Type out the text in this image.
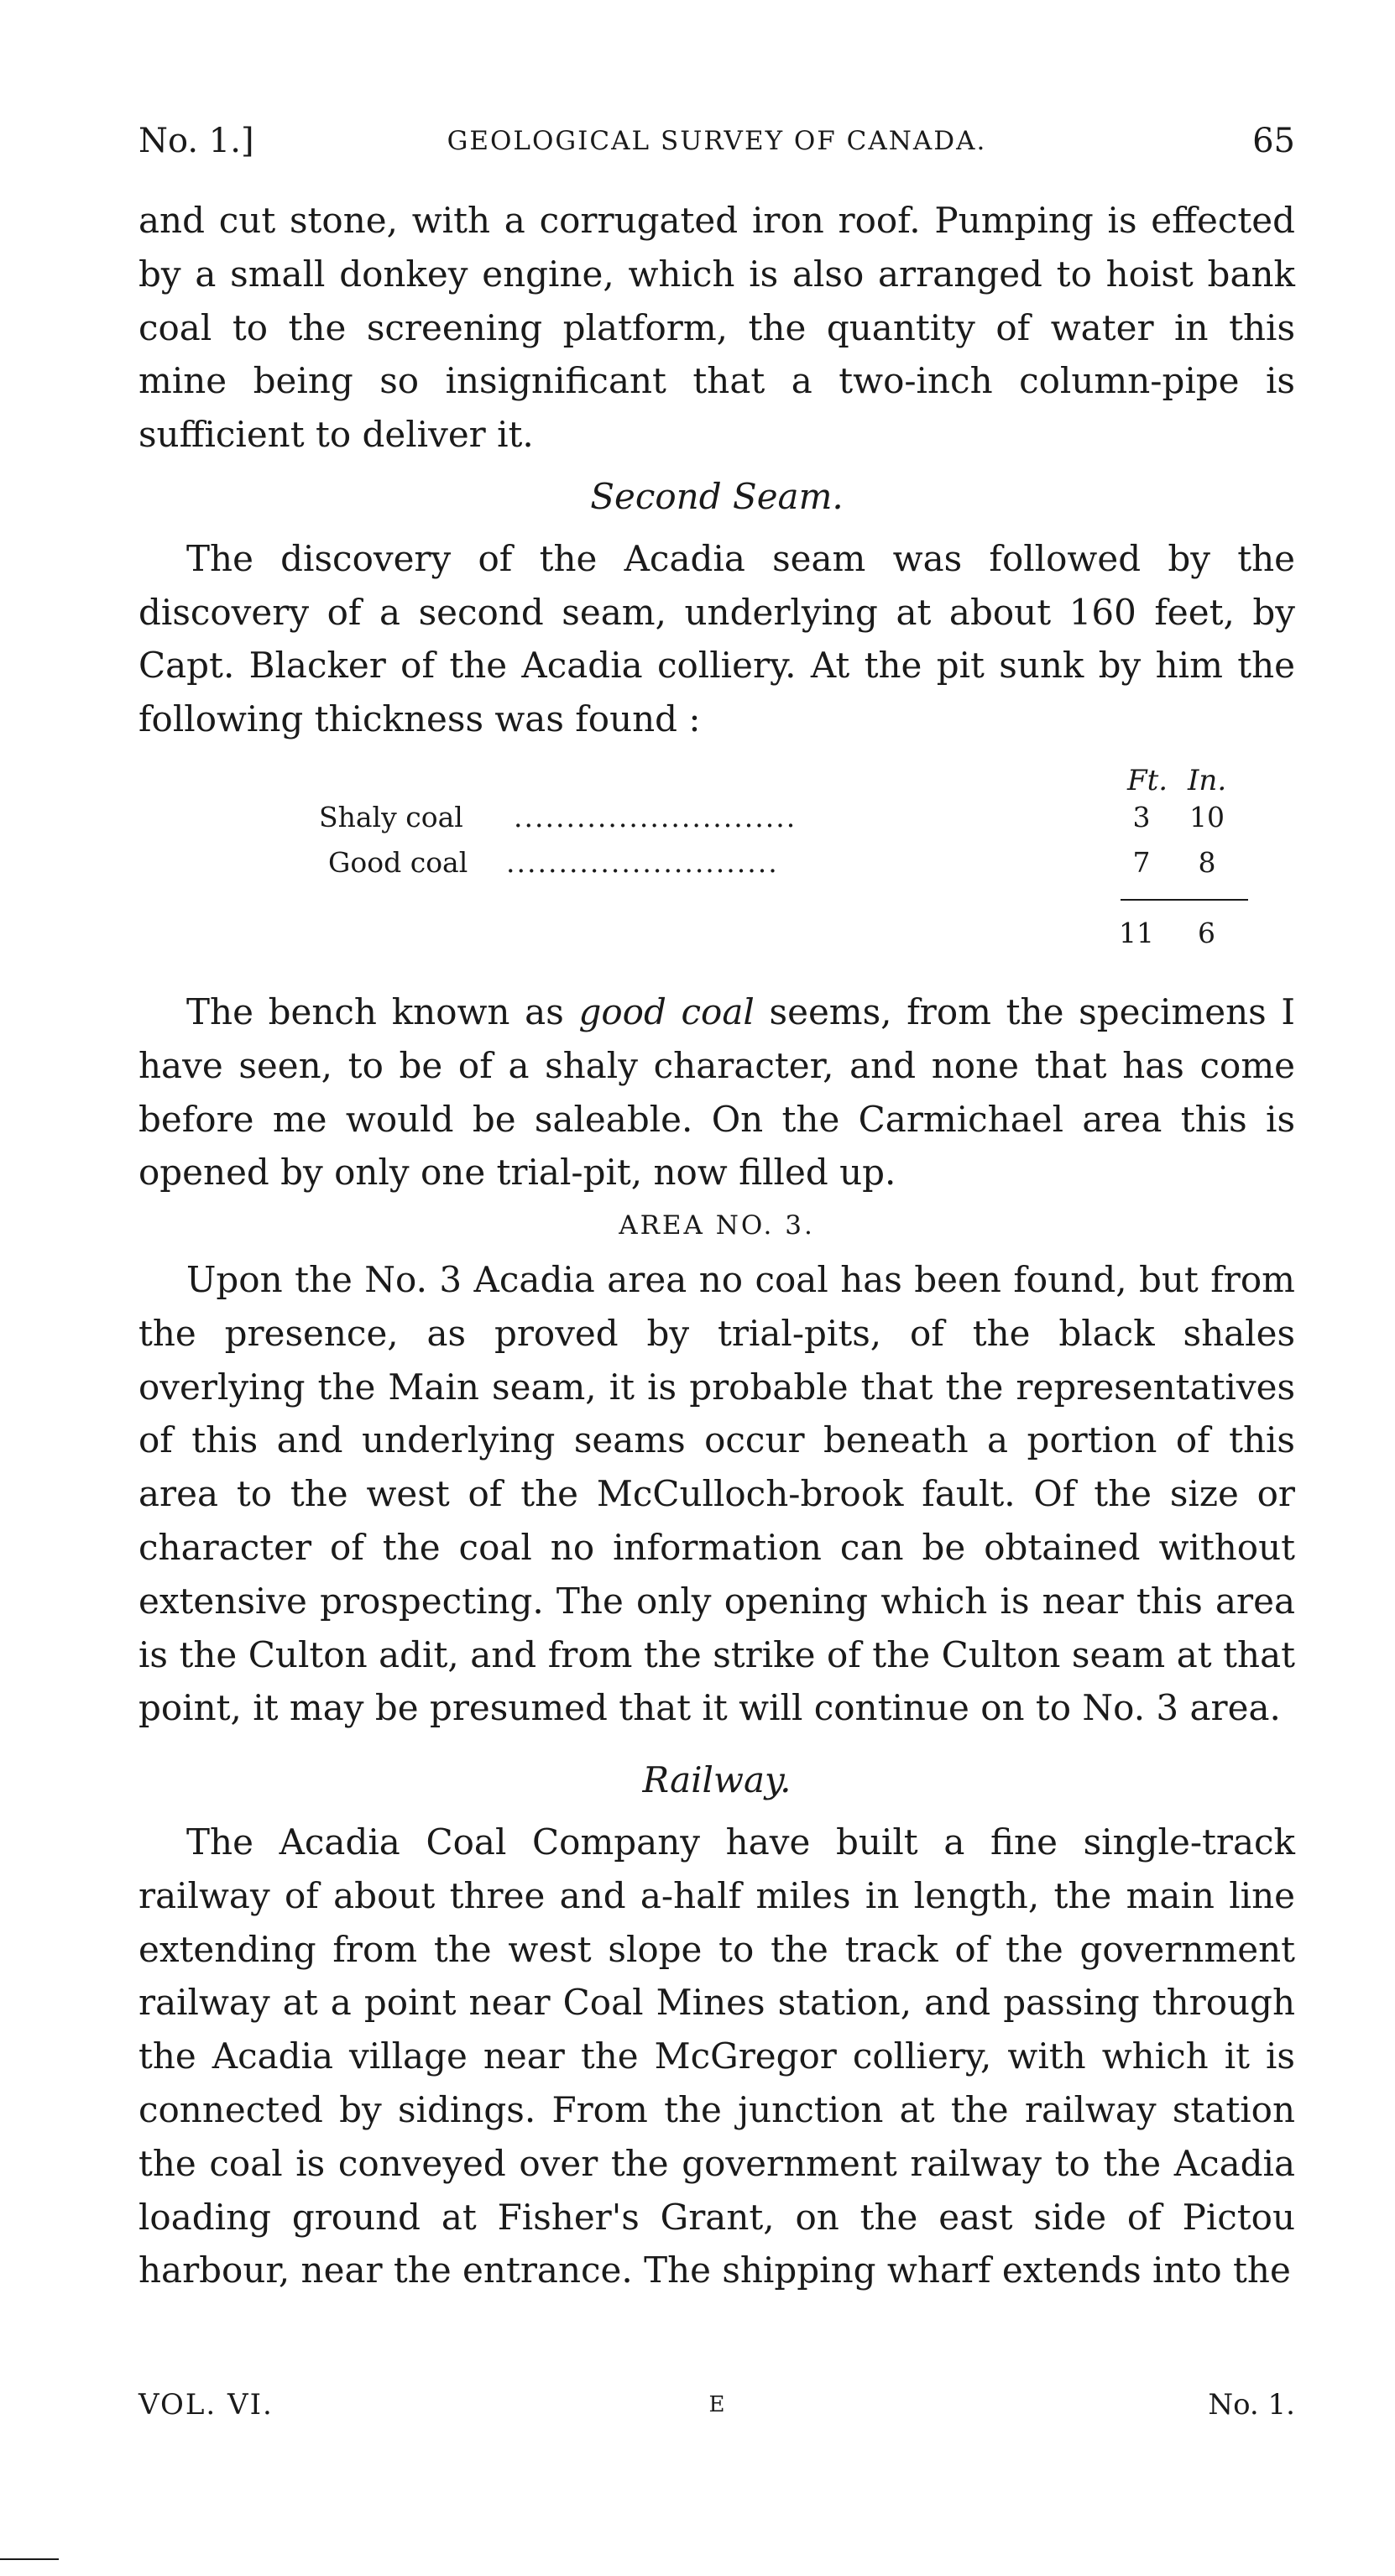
No. 1.]	GEOLOGICAL SURVEY OF CANADA.	65

and cut stone, with a corrugated iron roof. Pumping is effected by a small donkey engine, which is also arranged to hoist bank coal to the screening platform, the quantity of water in this mine being so insignificant that a two-inch column-pipe is sufficient to deliver it.

Second Seam.

The discovery of the Acadia seam was followed by the discovery of a second seam, underlying at about 160 feet, by Capt. Blacker of the Acadia colliery. At the pit sunk by him the following thickness was found :

Ft. In.
Shaly coal ...........................	3 10
Good coal ..........................	7	8
11 6

The bench known as good coal seems, from the specimens I have seen, to be of a shaly character, and none that has come before me would be saleable. On the Carmichael area this is opened by only one trial-pit, now filled up.

AREA NO. 3.

Upon the No. 3 Acadia area no coal has been found, but from the presence, as proved by trial-pits, of the black shales overlying the Main seam, it is probable that the representatives of this and underlying seams occur beneath a portion of this area to the west of the McCulloch-brook fault. Of the size or character of the coal no information can be obtained without extensive prospecting. The only opening which is near this area is the Culton adit, and from the strike of the Culton seam at that point, it may be presumed that it will continue on to No. 3 area.

Railway.

The Acadia Coal Company have built a fine single-track railway of about three and a-half miles in length, the main line extending from the west slope to the track of the government railway at a point near Coal Mines station, and passing through the Acadia village near the McGregor colliery, with which it is connected by sidings. From the junction at the railway station the coal is conveyed over the government railway to the Acadia loading ground at Fisher's Grant, on the east side of Pictou harbour, near the entrance. The shipping wharf extends into the

VOL. VI.	E	No. 1.
